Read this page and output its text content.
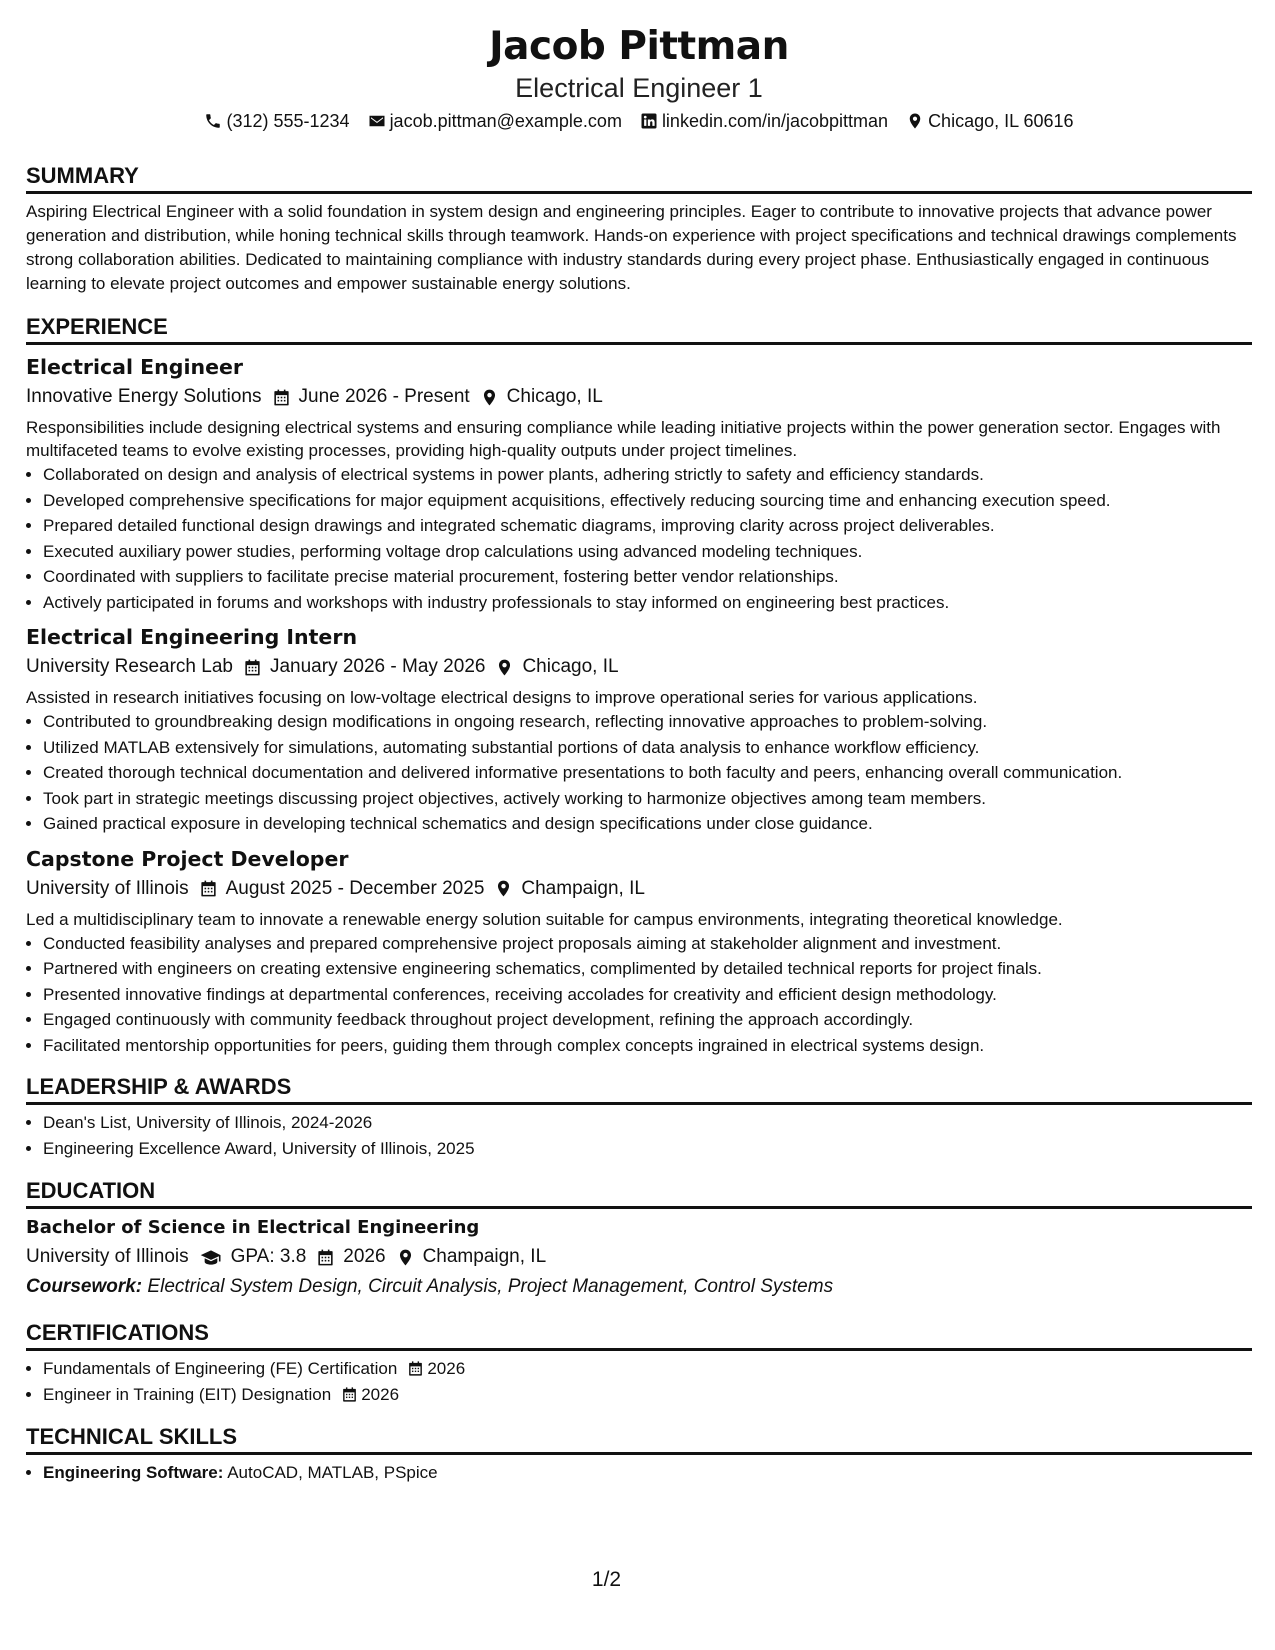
Jacob Pittman
Electrical Engineer 1
(312) 555-1234 jacob.pittman@example.com linkedin.com/in/jacobpittman Chicago, IL 60616
SUMMARY
Aspiring Electrical Engineer with a solid foundation in system design and engineering principles. Eager to contribute to innovative projects that advance power generation and distribution, while honing technical skills through teamwork. Hands-on experience with project specifications and technical drawings complements strong collaboration abilities. Dedicated to maintaining compliance with industry standards during every project phase. Enthusiastically engaged in continuous learning to elevate project outcomes and empower sustainable energy solutions.
EXPERIENCE
Electrical Engineer
Innovative Energy Solutions June 2026 - Present Chicago, IL
Responsibilities include designing electrical systems and ensuring compliance while leading initiative projects within the power generation sector. Engages with multifaceted teams to evolve existing processes, providing high-quality outputs under project timelines.
• Collaborated on design and analysis of electrical systems in power plants, adhering strictly to safety and efficiency standards.
• Developed comprehensive specifications for major equipment acquisitions, effectively reducing sourcing time and enhancing execution speed.
• Prepared detailed functional design drawings and integrated schematic diagrams, improving clarity across project deliverables.
• Executed auxiliary power studies, performing voltage drop calculations using advanced modeling techniques.
• Coordinated with suppliers to facilitate precise material procurement, fostering better vendor relationships.
• Actively participated in forums and workshops with industry professionals to stay informed on engineering best practices.
Electrical Engineering Intern
University Research Lab January 2026 - May 2026 Chicago, IL
Assisted in research initiatives focusing on low-voltage electrical designs to improve operational series for various applications.
• Contributed to groundbreaking design modifications in ongoing research, reflecting innovative approaches to problem-solving.
• Utilized MATLAB extensively for simulations, automating substantial portions of data analysis to enhance workflow efficiency.
• Created thorough technical documentation and delivered informative presentations to both faculty and peers, enhancing overall communication.
• Took part in strategic meetings discussing project objectives, actively working to harmonize objectives among team members.
• Gained practical exposure in developing technical schematics and design specifications under close guidance.
Capstone Project Developer
University of Illinois August 2025 - December 2025 Champaign, IL
Led a multidisciplinary team to innovate a renewable energy solution suitable for campus environments, integrating theoretical knowledge.
• Conducted feasibility analyses and prepared comprehensive project proposals aiming at stakeholder alignment and investment.
• Partnered with engineers on creating extensive engineering schematics, complimented by detailed technical reports for project finals.
• Presented innovative findings at departmental conferences, receiving accolades for creativity and efficient design methodology.
• Engaged continuously with community feedback throughout project development, refining the approach accordingly.
• Facilitated mentorship opportunities for peers, guiding them through complex concepts ingrained in electrical systems design.
LEADERSHIP & AWARDS
• Dean's List, University of Illinois, 2024-2026
• Engineering Excellence Award, University of Illinois, 2025
EDUCATION
Bachelor of Science in Electrical Engineering
University of Illinois GPA: 3.8 2026 Champaign, IL
Coursework: Electrical System Design, Circuit Analysis, Project Management, Control Systems
CERTIFICATIONS
• Fundamentals of Engineering (FE) Certification 2026
• Engineer in Training (EIT) Designation 2026
TECHNICAL SKILLS
• Engineering Software: AutoCAD, MATLAB, PSpice
1/2
